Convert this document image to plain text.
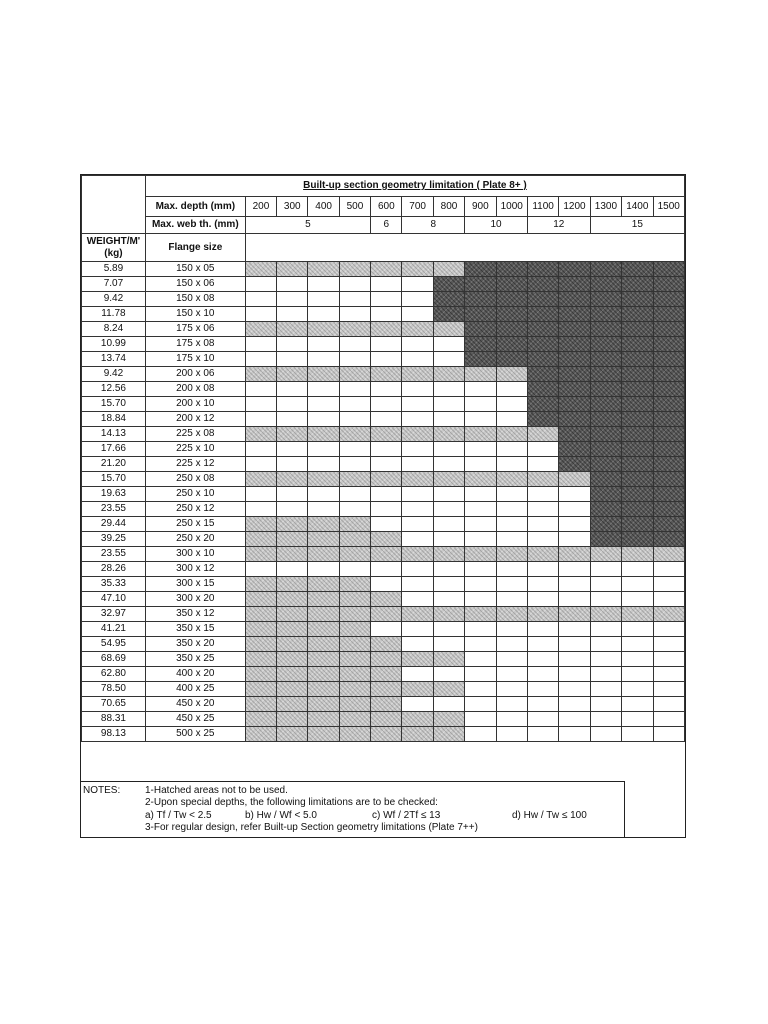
	Built-up section geometry limitation ( Plate 8+ )														
	Max. depth (mm)	200	300	400	500	600	700	800	900	1000	1100	1200	1300	1400	1500
	Max. web th. (mm)	5				6	8		10		12		15		
WEIGHT/M' (kg)	Flange size														
5.89	150 x 05														
7.07	150 x 06														
9.42	150 x 08														
11.78	150 x 10														
8.24	175 x 06														
10.99	175 x 08														
13.74	175 x 10														
9.42	200 x 06														
12.56	200 x 08														
15.70	200 x 10														
18.84	200 x 12														
14.13	225 x 08														
17.66	225 x 10														
21.20	225 x 12														
15.70	250 x 08														
19.63	250 x 10														
23.55	250 x 12														
29.44	250 x 15														
39.25	250 x 20														
23.55	300 x 10														
28.26	300 x 12														
35.33	300 x 15														
47.10	300 x 20														
32.97	350 x 12														
41.21	350 x 15														
54.95	350 x 20														
68.69	350 x 25														
62.80	400 x 20														
78.50	400 x 25														
70.65	450 x 20														
88.31	450 x 25														
98.13	500 x 25														
NOTES: 1-Hatched areas not to be used.
2-Upon special depths, the following limitations are to be checked:
a) Tf / Tw < 2.5	b) Hw / Wf < 5.0	c) Wf / 2Tf ≤ 13	d) Hw / Tw ≤ 100
3-For regular design, refer Built-up Section geometry limitations (Plate 7++)
